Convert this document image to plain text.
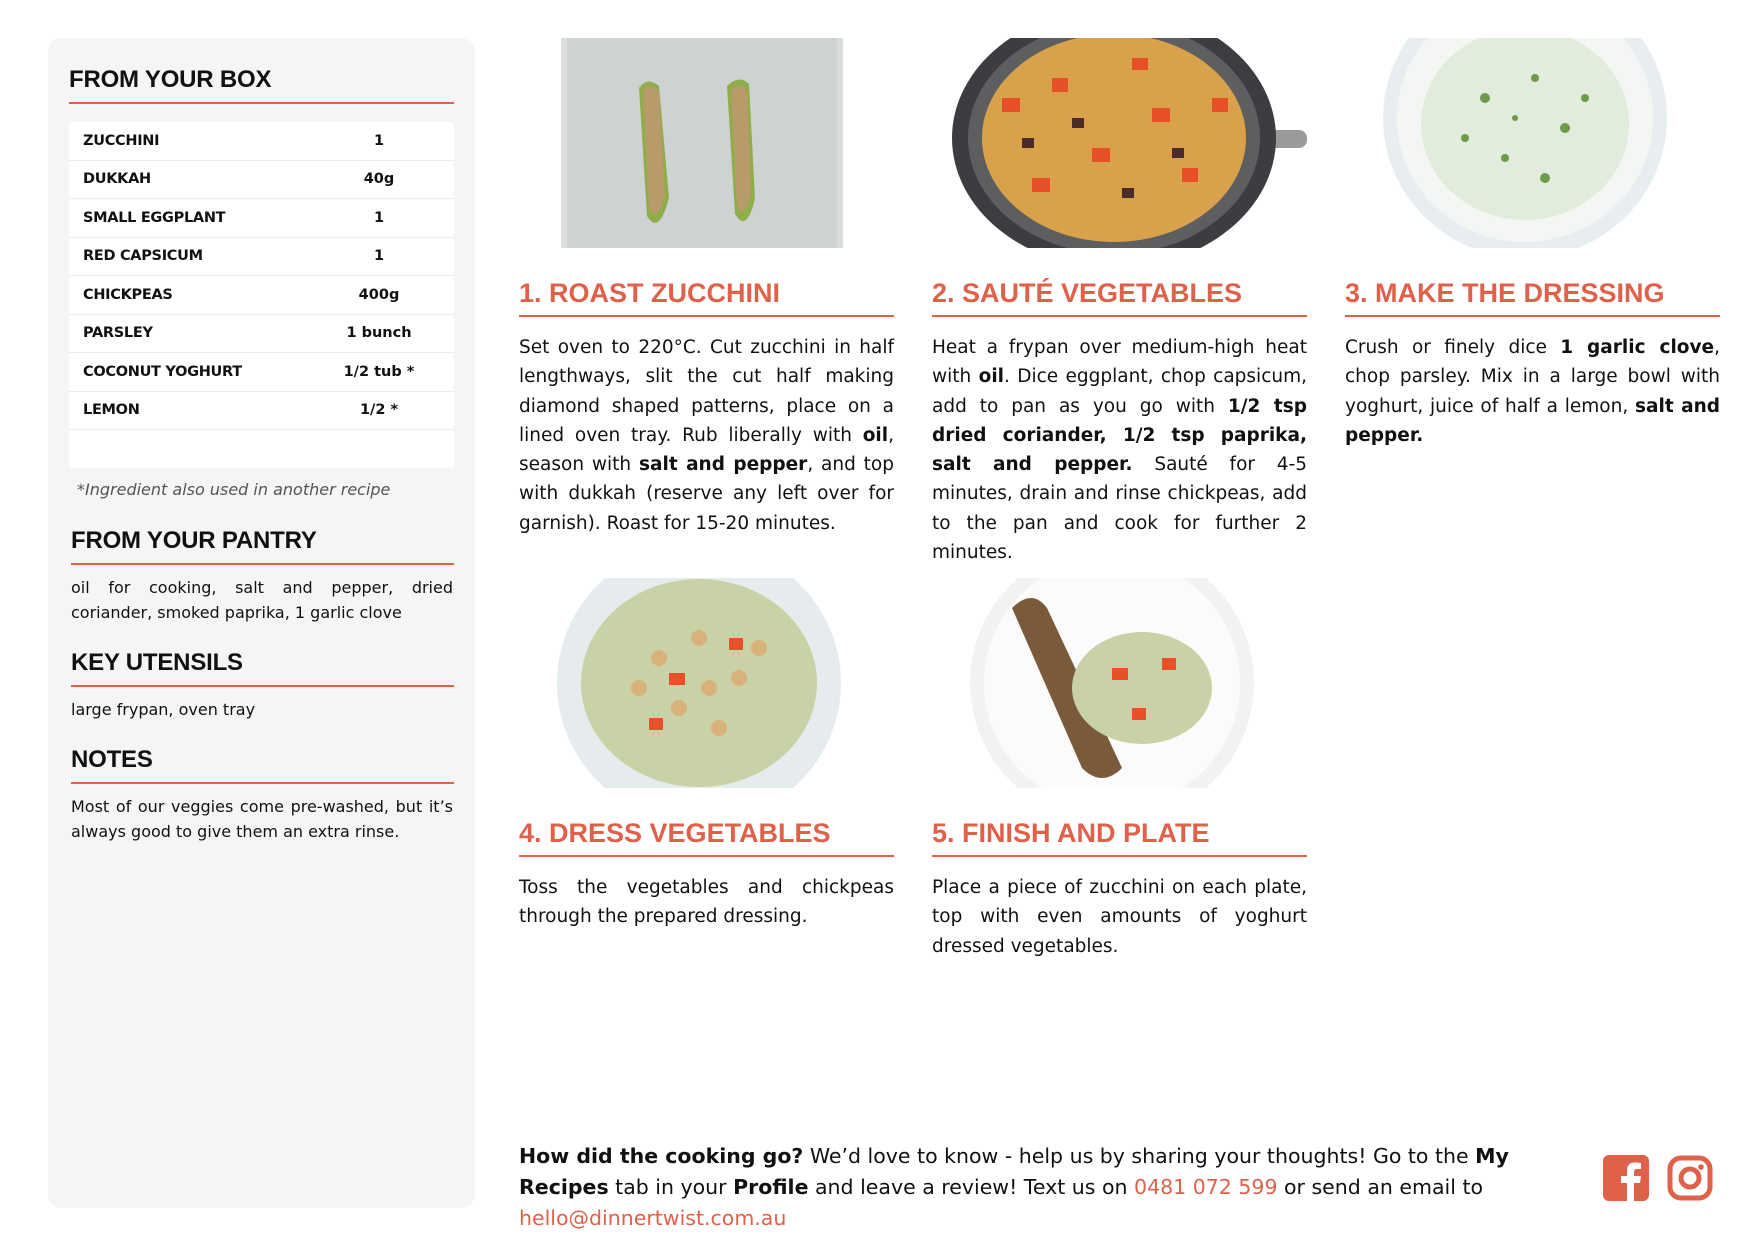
FROM YOUR BOX
ZUCCHINI	1
DUKKAH	40g
SMALL EGGPLANT	1
RED CAPSICUM	1
CHICKPEAS	400g
PARSLEY	1 bunch
COCONUT YOGHURT	1/2 tub *
LEMON	1/2 *
*Ingredient also used in another recipe
FROM YOUR PANTRY
oil for cooking, salt and pepper, dried coriander, smoked paprika, 1 garlic clove
KEY UTENSILS
large frypan, oven tray
NOTES
Most of our veggies come pre-washed, but it’s always good to give them an extra rinse.
1. ROAST ZUCCHINI
Set oven to 220°C. Cut zucchini in half lengthways, slit the cut half making diamond shaped patterns, place on a lined oven tray. Rub liberally with oil, season with salt and pepper, and top with dukkah (reserve any left over for garnish). Roast for 15-20 minutes.
2. SAUTÉ VEGETABLES
Heat a frypan over medium-high heat with oil. Dice eggplant, chop capsicum, add to pan as you go with 1/2 tsp dried coriander, 1/2 tsp paprika, salt and pepper. Sauté for 4-5 minutes, drain and rinse chickpeas, add to the pan and cook for further 2 minutes.
3. MAKE THE DRESSING
Crush or finely dice 1 garlic clove, chop parsley. Mix in a large bowl with yoghurt, juice of half a lemon, salt and pepper.
4. DRESS VEGETABLES
Toss the vegetables and chickpeas through the prepared dressing.
5. FINISH AND PLATE
Place a piece of zucchini on each plate, top with even amounts of yoghurt dressed vegetables.
How did the cooking go? We’d love to know - help us by sharing your thoughts! Go to the My Recipes tab in your Profile and leave a review! Text us on 0481 072 599 or send an email to hello@dinnertwist.com.au
